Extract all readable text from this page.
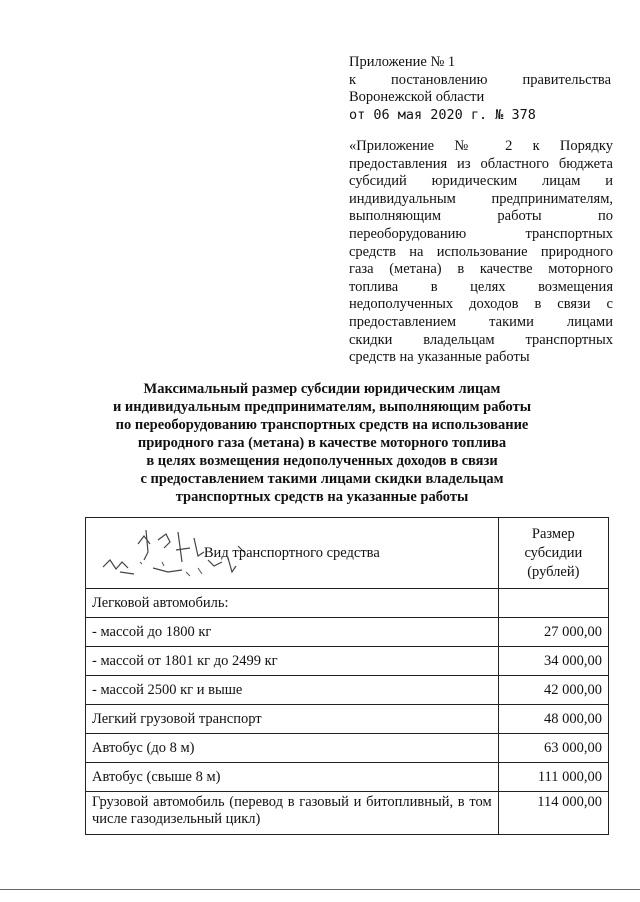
Приложение № 1
к постановлению правительства
Воронежской области
от 06 мая 2020 г. № 378
«Приложение № 2 к Порядку
предоставления из областного бюджета
субсидий юридическим лицам и
индивидуальным предпринимателям,
выполняющим работы по
переоборудованию транспортных
средств на использование природного
газа (метана) в качестве моторного
топлива в целях возмещения
недополученных доходов в связи с
предоставлением такими лицами
скидки владельцам транспортных
средств на указанные работы
Максимальный размер субсидии юридическим лицам
и индивидуальным предпринимателям, выполняющим работы
по переоборудованию транспортных средств на использование
природного газа (метана) в качестве моторного топлива
в целях возмещения недополученных доходов в связи
с предоставлением такими лицами скидки владельцам
транспортных средств на указанные работы
Вид транспортного средства	Размер
субсидии
(рублей)

Легковой автомобиль:	
- массой до 1800 кг	27 000,00
- массой от 1801 кг до 2499 кг	34 000,00
- массой 2500 кг и выше	42 000,00
Легкий грузовой транспорт	48 000,00
Автобус (до 8 м)	63 000,00
Автобус (свыше 8 м)	111 000,00
Грузовой автомобиль (перевод в газовый и битопливный, в том числе газодизельный цикл)	114 000,00
